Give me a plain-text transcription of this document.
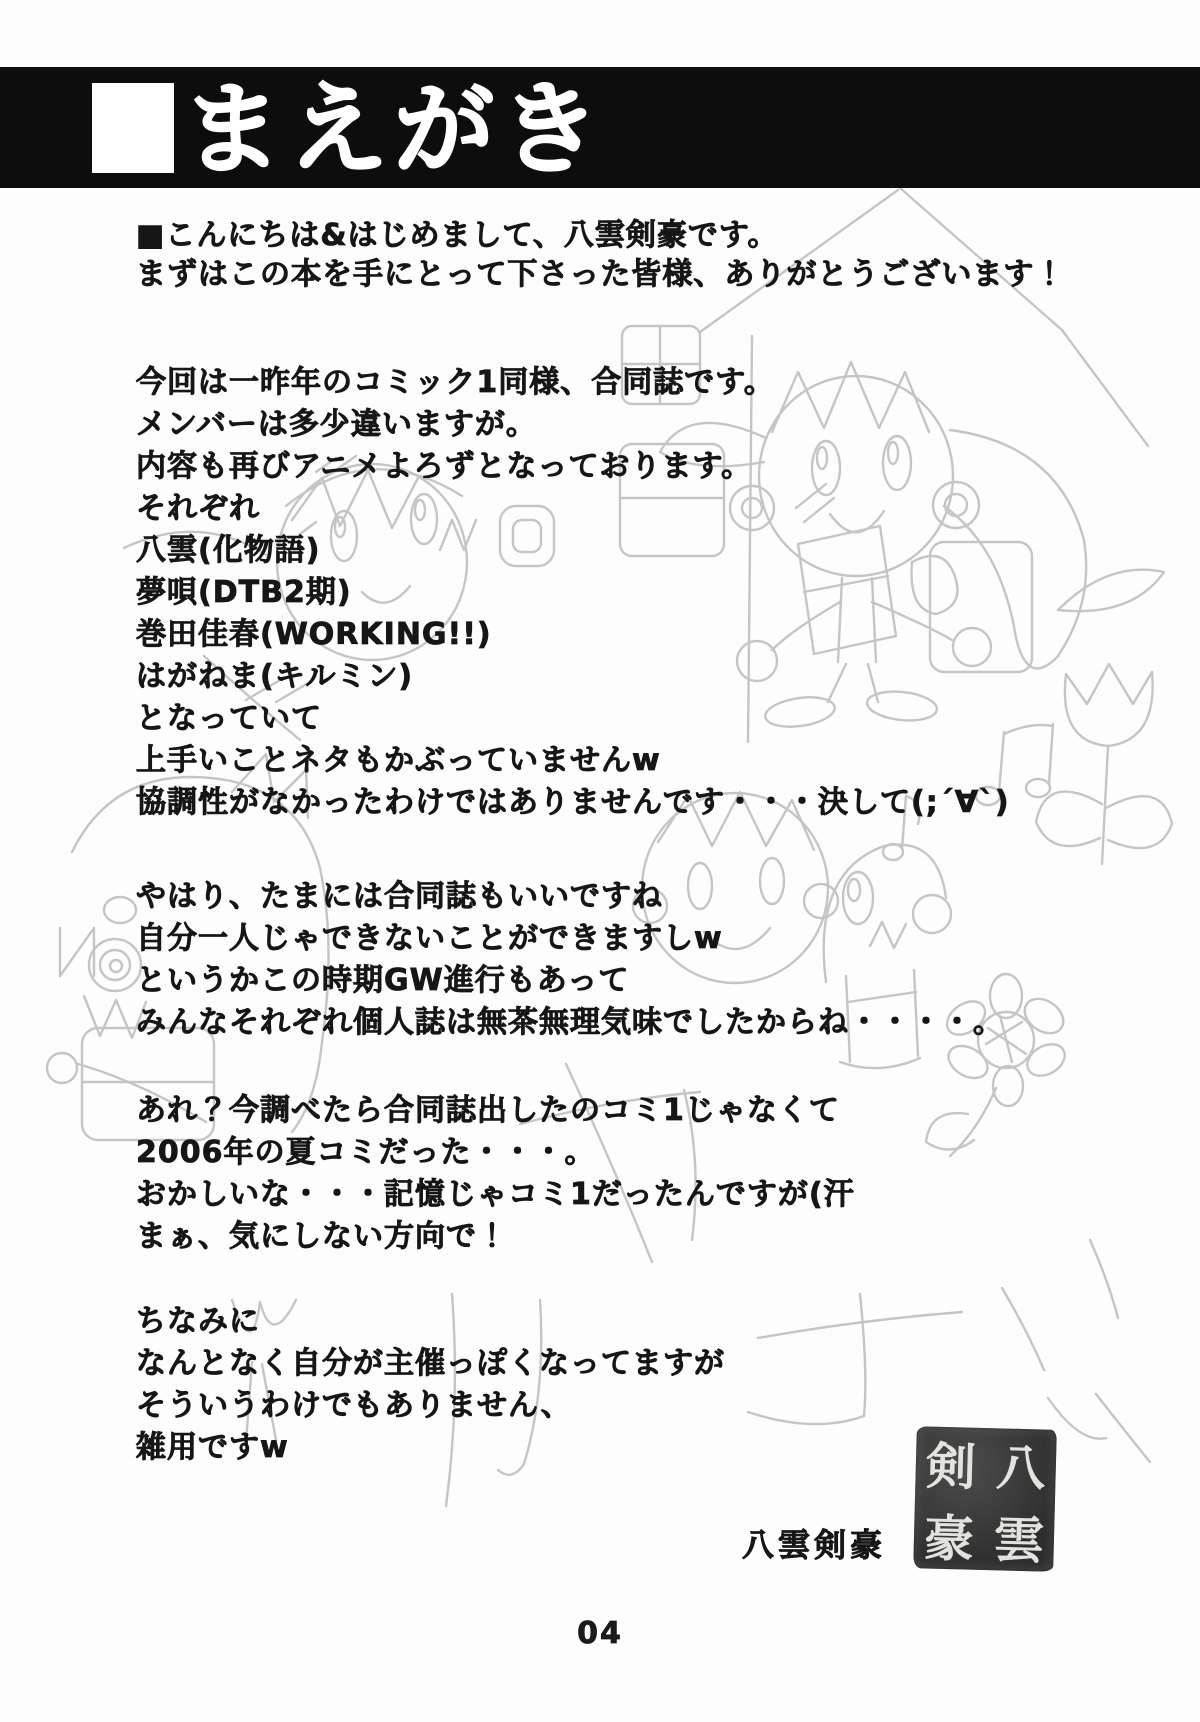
まえがき
■こんにちは&はじめまして、八雲剣豪です。
まずはこの本を手にとって下さった皆様、ありがとうございます！
今回は一昨年のコミック1同様、合同誌です。
メンバーは多少違いますが。
内容も再びアニメよろずとなっております。
それぞれ
八雲(化物語)
夢唄(DTB2期)
巻田佳春(WORKING!!)
はがねま(キルミン)
となっていて
上手いことネタもかぶっていませんw
協調性がなかったわけではありませんです・・・決して(;´∀`)
やはり、たまには合同誌もいいですね
自分一人じゃできないことができますしw
というかこの時期GW進行もあって
みんなそれぞれ個人誌は無茶無理気味でしたからね・・・・。
あれ？今調べたら合同誌出したのコミ1じゃなくて
2006年の夏コミだった・・・。
おかしいな・・・記憶じゃコミ1だったんですが(汗
まぁ、気にしない方向で！
ちなみに
なんとなく自分が主催っぽくなってますが
そういうわけでもありません、
雑用ですw
八雲剣豪
八
雲
剣
豪
04
